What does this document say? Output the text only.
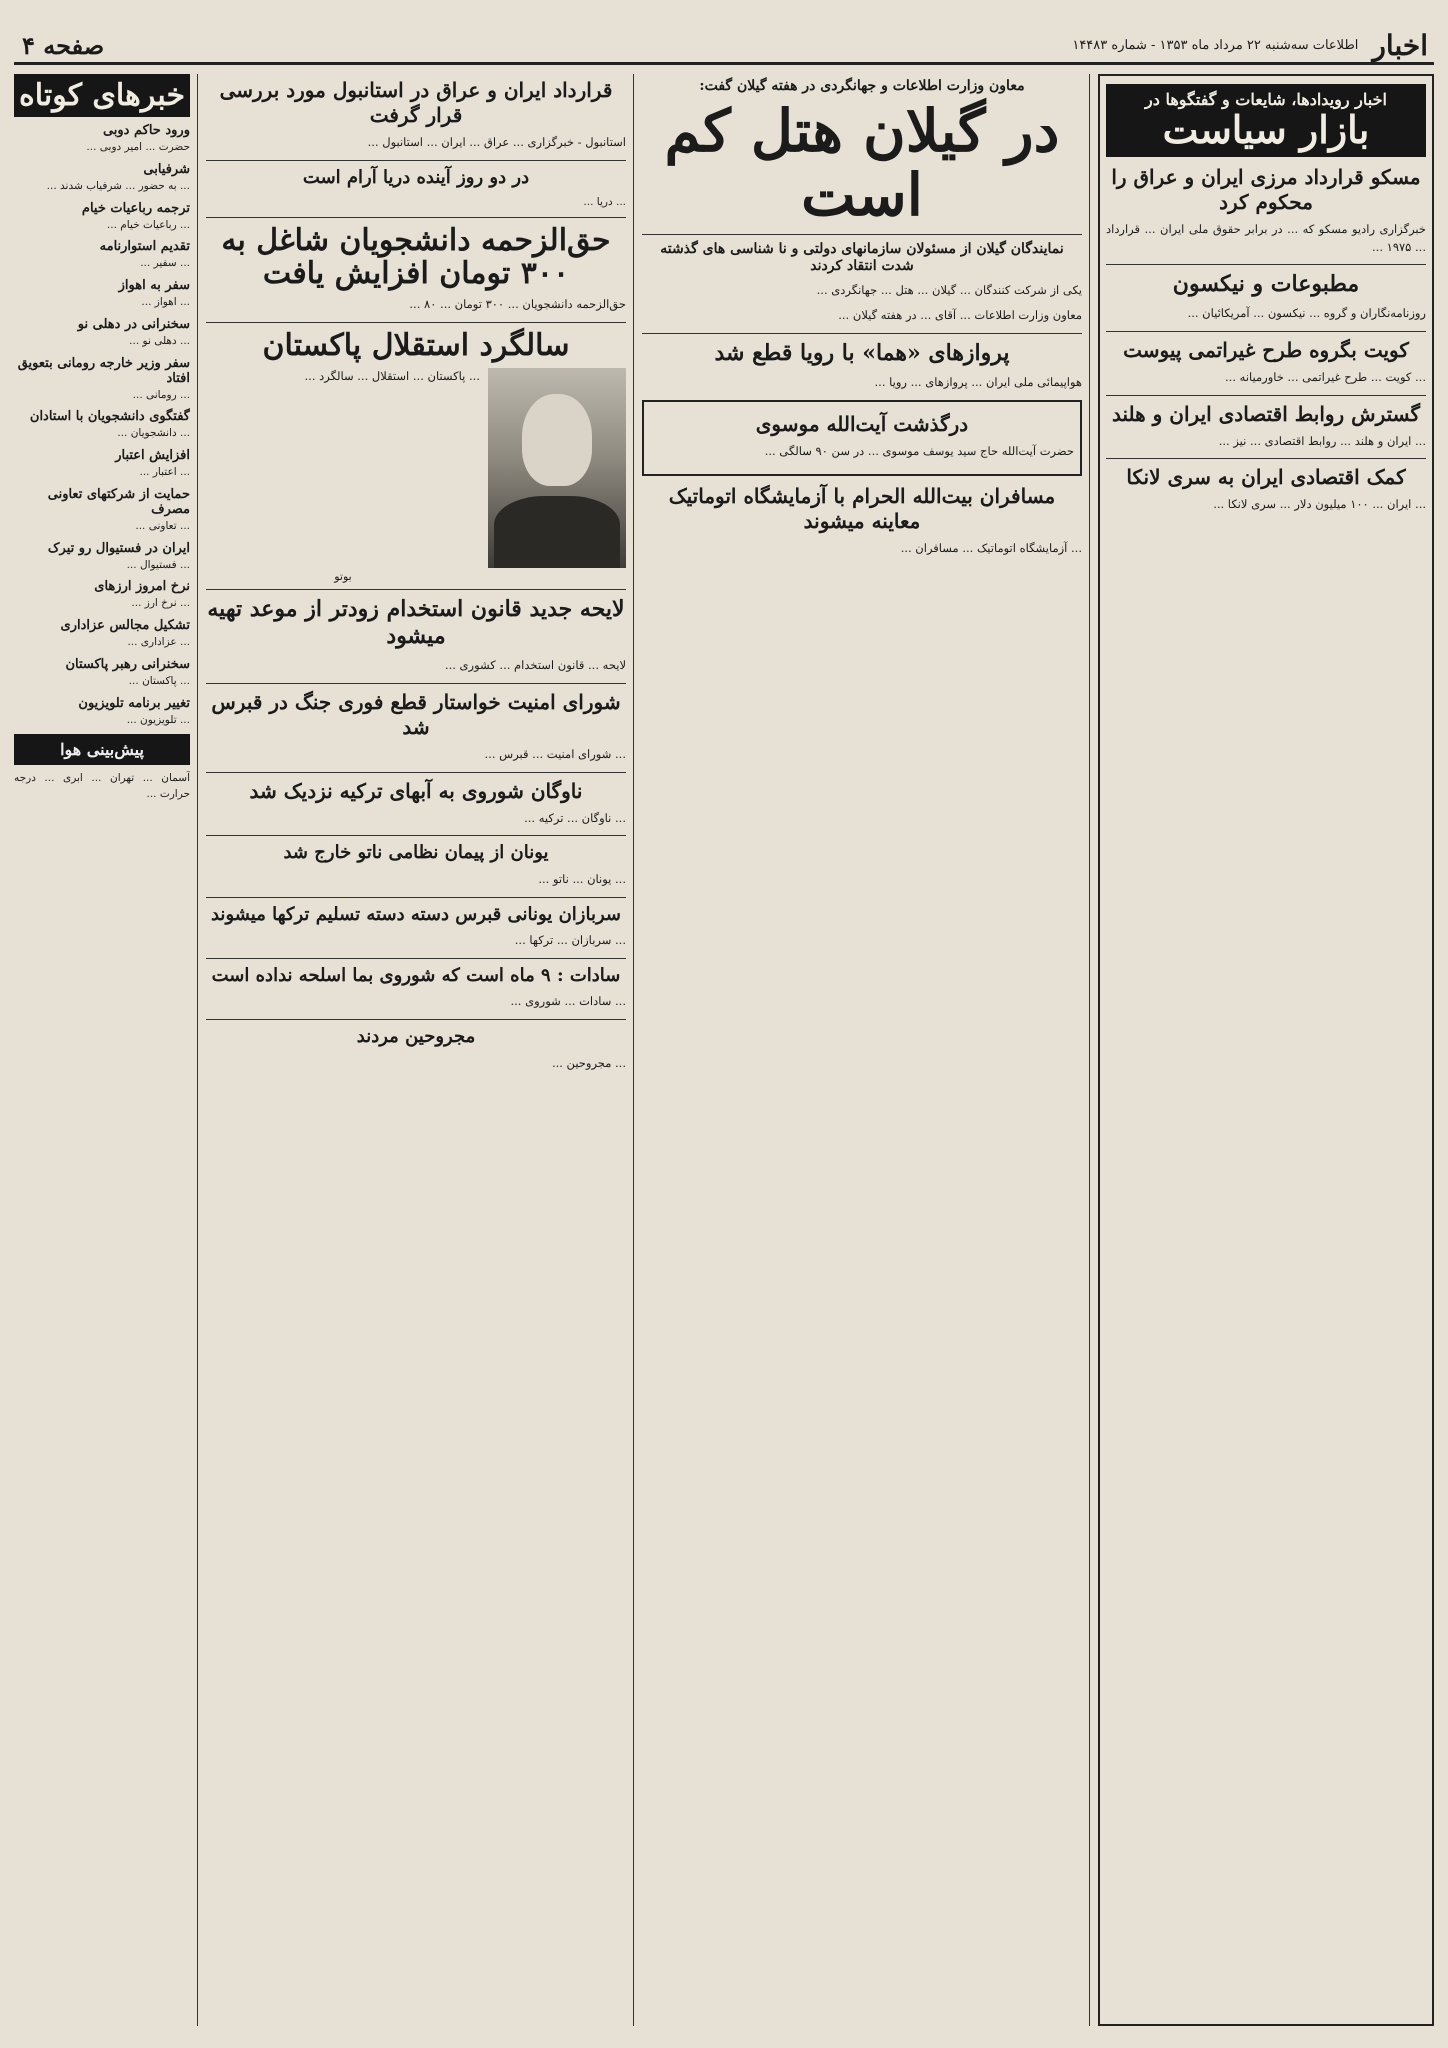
اخبار
اطلاعات سه‌شنبه ۲۲ مرداد ماه ۱۳۵۳ - شماره ۱۴۴۸۳
صفحه ۴
اخبار رویدادها، شایعات و گفتگوها در
بازار سیاست
مسکو قرارداد مرزی ایران و عراق را محکوم کرد

خبرگزاری رادیو مسکو که ... در برابر حقوق ملی ایران ... قرارداد ... ۱۹۷۵ ...

مطبوعات و نیکسون

روزنامه‌نگاران و گروه ... نیکسون ... آمریکائیان ...

کویت بگروه طرح غیراتمی پیوست

... کویت ... طرح غیراتمی ... خاورمیانه ...

گسترش روابط اقتصادی ایران و هلند

... ایران و هلند ... روابط اقتصادی ... نیز ...

کمک اقتصادی ایران به سری لانکا

... ایران ... ۱۰۰ میلیون دلار ... سری لانکا ...

معاون وزارت اطلاعات و جهانگردی در هفته گیلان گفت:
در گیلان هتل کم است
نمایندگان گیلان از مسئولان سازمانهای دولتی و نا شناسی های گذشته شدت انتقاد کردند

یکی از شرکت کنندگان ... گیلان ... هتل ... جهانگردی ...

معاون وزارت اطلاعات ... آقای ... در هفته گیلان ...

پروازهای «هما» با رویا قطع شد

هواپیمائی ملی ایران ... پروازهای ... رویا ...

درگذشت آیت‌الله موسوی

حضرت آیت‌الله حاج سید یوسف موسوی ... در سن ۹۰ سالگی ...

مسافران بیت‌الله الحرام با آزمایشگاه اتوماتیک معاینه میشوند

... آزمایشگاه اتوماتیک ... مسافران ...

قرارداد ایران و عراق در استانبول مورد بررسی قرار گرفت

استانبول - خبرگزاری ... عراق ... ایران ... استانبول ...

در دو روز آینده دریا آرام است

... دریا ...

حق‌الزحمه دانشجویان شاغل به ۳۰۰ تومان افزایش یافت

حق‌الزحمه دانشجویان ... ۳۰۰ تومان ... ۸۰ ...

سالگرد استقلال پاکستان

... پاکستان ... استقلال ... سالگرد ...

بوتو
لایحه جدید قانون استخدام زودتر از موعد تهیه میشود

لایحه ... قانون استخدام ... کشوری ...

شورای امنیت خواستار قطع فوری جنگ در قبرس شد

... شورای امنیت ... قبرس ...

ناوگان شوروی به آبهای ترکیه نزدیک شد

... ناوگان ... ترکیه ...

یونان از پیمان نظامی ناتو خارج شد

... یونان ... ناتو ...

سربازان یونانی قبرس دسته دسته تسلیم ترکها میشوند

... سربازان ... ترکها ...

سادات : ۹ ماه است که شوروی بما اسلحه نداده است

... سادات ... شوروی ...

مجروحین مردند

... مجروحین ...

خبرهای کوتاه
ورود حاکم دوبی

حضرت ... امیر دوبی ...

شرفیابی

... به حضور ... شرفیاب شدند ...

ترجمه رباعیات خیام

... رباعیات خیام ...

تقدیم استوارنامه

... سفیر ...

سفر به اهواز

... اهواز ...

سخنرانی در دهلی نو

... دهلی نو ...

سفر وزیر خارجه رومانی بتعویق افتاد

... رومانی ...

گفتگوی دانشجویان با استادان

... دانشجویان ...

افزایش اعتبار

... اعتبار ...

حمایت از شرکتهای تعاونی مصرف

... تعاونی ...

ایران در فستیوال رو تیرک

... فستیوال ...

نرخ امروز ارزهای

... نرخ ارز ...

تشکیل مجالس عزاداری

... عزاداری ...

سخنرانی رهبر پاکستان

... پاکستان ...

تغییر برنامه تلویزیون

... تلویزیون ...

پیش‌بینی هوا

آسمان ... تهران ... ابری ... درجه حرارت ...
